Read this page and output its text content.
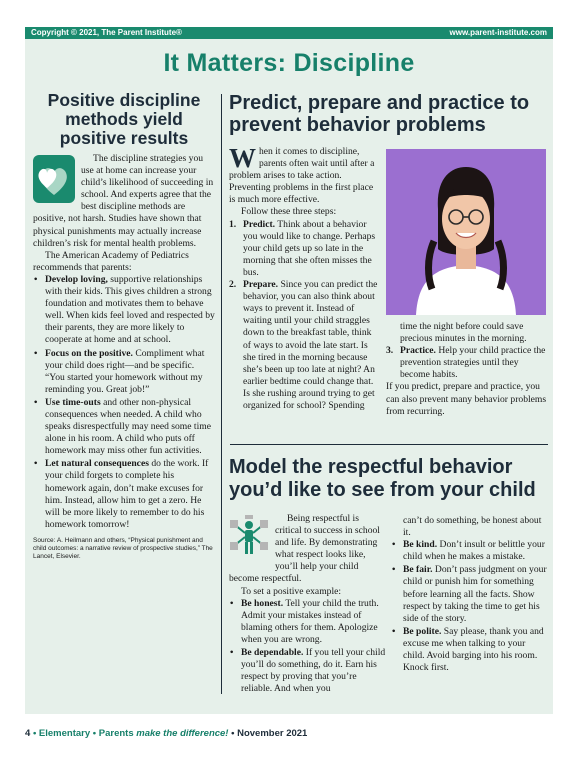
Copyright © 2021, The Parent Institute®	www.parent-institute.com
It Matters: Discipline
Positive discipline methods yield positive results

The discipline strategies you use at home can increase your child’s likelihood of succeeding in school. And experts agree that the best discipline methods are positive, not harsh. Studies have shown that physical punishments may actually increase children’s risk for mental health problems.

The American Academy of Pediatrics recommends that parents:

• Develop loving, supportive relationships with their kids. This gives children a strong foundation and motivates them to behave well. When kids feel loved and respected by their parents, they are more likely to cooperate at home and at school.
• Focus on the positive. Compliment what your child does right—and be specific. “You started your homework without my reminding you. Great job!”
• Use time-outs and other non-physical consequences when needed. A child who speaks disrespectfully may need some time alone in his room. A child who puts off homework may miss other fun activities.
• Let natural consequences do the work. If your child forgets to complete his homework again, don’t make excuses for him. Instead, allow him to get a zero. He will be more likely to remember to do his homework tomorrow!

Source: A. Heilmann and others, “Physical punishment and child outcomes: a narrative review of prospective studies,” The Lancet, Elsevier.

Predict, prepare and practice to prevent behavior problems

When it comes to discipline, parents often wait until after a problem arises to take action. Preventing problems in the first place is much more effective.

Follow these three steps:

1. Predict. Think about a behavior you would like to change. Perhaps your child gets up so late in the morning that she often misses the bus.
2. Prepare. Since you can predict the behavior, you can also think about ways to prevent it. Instead of waiting until your child straggles down to the breakfast table, think of ways to avoid the late start. Is she tired in the morning because she’s been up too late at night? An earlier bedtime could change that. Is she rushing around trying to get organized for school? Spending

time the night before could save precious minutes in the morning.

3. Practice. Help your child practice the prevention strategies until they become habits.

If you predict, prepare and practice, you can also prevent many behavior problems from recurring.

Model the respectful behavior you’d like to see from your child

Being respectful is critical to success in school and life. By demonstrating what respect looks like, you’ll help your child become respectful.

To set a positive example:

• Be honest. Tell your child the truth. Admit your mistakes instead of blaming others for them. Apologize when you are wrong.
• Be dependable. If you tell your child you’ll do something, do it. Earn his respect by proving that you’re reliable. And when you

can’t do something, be honest about it.

• Be kind. Don’t insult or belittle your child when he makes a mistake.
• Be fair. Don’t pass judgment on your child or punish him for something before learning all the facts. Show respect by taking the time to get his side of the story.
• Be polite. Say please, thank you and excuse me when talking to your child. Avoid barging into his room. Knock first.
4 • Elementary • Parents make the difference! • November 2021
